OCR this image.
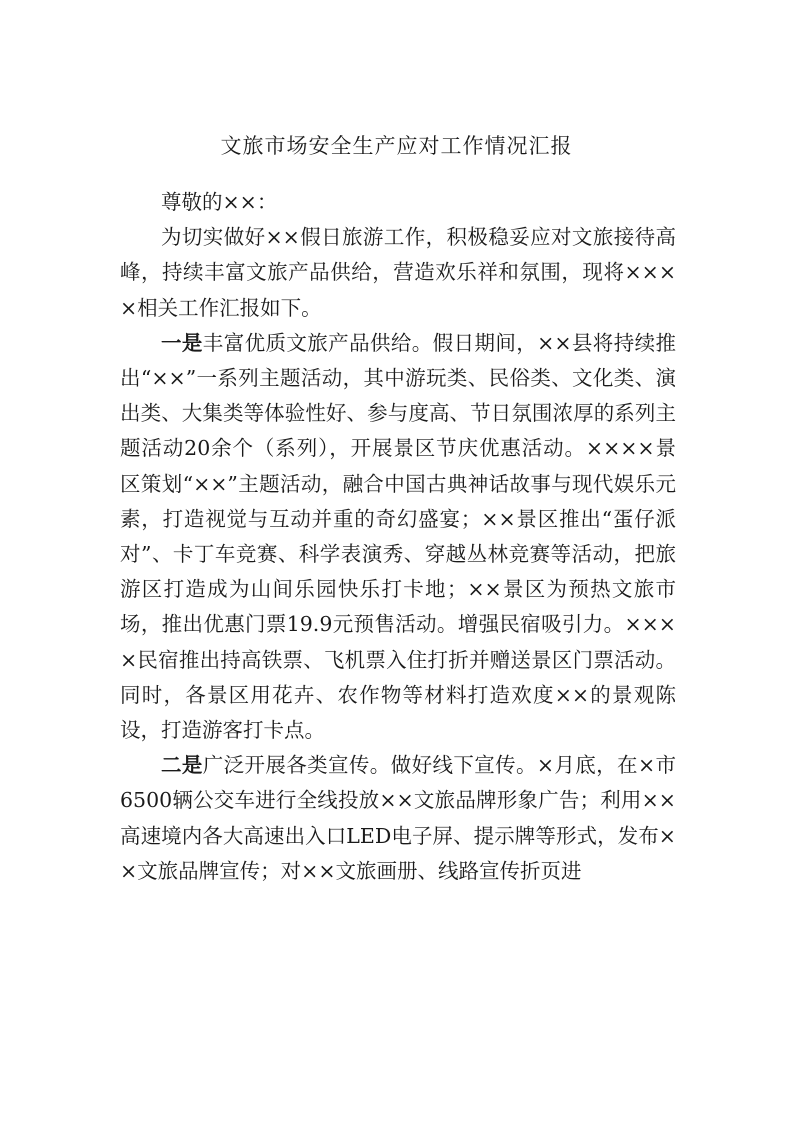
文旅市场安全生产应对工作情况汇报

尊敬的××：

为切实做好××假日旅游工作，积极稳妥应对文旅接待高峰，持续丰富文旅产品供给，营造欢乐祥和氛围，现将××××相关工作汇报如下。

一是丰富优质文旅产品供给。假日期间，××县将持续推出“××”一系列主题活动，其中游玩类、民俗类、文化类、演出类、大集类等体验性好、参与度高、节日氛围浓厚的系列主题活动20余个（系列），开展景区节庆优惠活动。××××景区策划“××”主题活动，融合中国古典神话故事与现代娱乐元素，打造视觉与互动并重的奇幻盛宴；××景区推出“蛋仔派对”、卡丁车竞赛、科学表演秀、穿越丛林竞赛等活动，把旅游区打造成为山间乐园快乐打卡地；××景区为预热文旅市场，推出优惠门票19.9元预售活动。增强民宿吸引力。××××民宿推出持高铁票、飞机票入住打折并赠送景区门票活动。同时，各景区用花卉、农作物等材料打造欢度××的景观陈设，打造游客打卡点。

二是广泛开展各类宣传。做好线下宣传。×月底，在×市6500辆公交车进行全线投放××文旅品牌形象广告；利用××高速境内各大高速出入口LED电子屏、提示牌等形式，发布××文旅品牌宣传；对××文旅画册、线路宣传折页进
